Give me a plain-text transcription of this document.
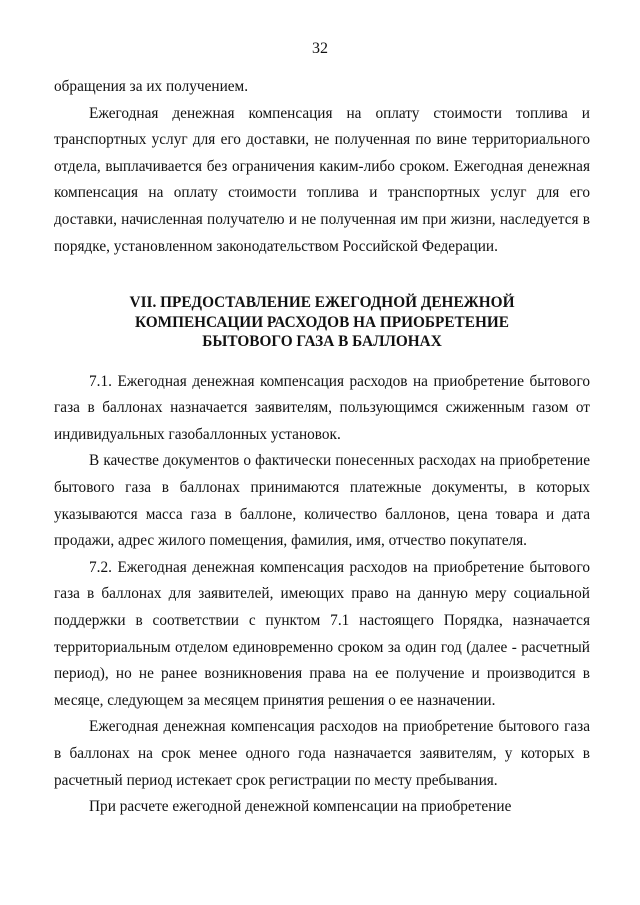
32

обращения за их получением.

Ежегодная денежная компенсация на оплату стоимости топлива и транспортных услуг для его доставки, не полученная по вине территориального отдела, выплачивается без ограничения каким-либо сроком. Ежегодная денежная компенсация на оплату стоимости топлива и транспортных услуг для его доставки, начисленная получателю и не полученная им при жизни, наследуется в порядке, установленном законодательством Российской Федерации.

VII. ПРЕДОСТАВЛЕНИЕ ЕЖЕГОДНОЙ ДЕНЕЖНОЙ
КОМПЕНСАЦИИ РАСХОДОВ НА ПРИОБРЕТЕНИЕ
БЫТОВОГО ГАЗА В БАЛЛОНАХ

7.1. Ежегодная денежная компенсация расходов на приобретение бытового газа в баллонах назначается заявителям, пользующимся сжиженным газом от индивидуальных газобаллонных установок.

В качестве документов о фактически понесенных расходах на приобретение бытового газа в баллонах принимаются платежные документы, в которых указываются масса газа в баллоне, количество баллонов, цена товара и дата продажи, адрес жилого помещения, фамилия, имя, отчество покупателя.

7.2. Ежегодная денежная компенсация расходов на приобретение бытового газа в баллонах для заявителей, имеющих право на данную меру социальной поддержки в соответствии с пунктом 7.1 настоящего Порядка, назначается территориальным отделом единовременно сроком за один год (далее - расчетный период), но не ранее возникновения права на ее получение и производится в месяце, следующем за месяцем принятия решения о ее назначении.

Ежегодная денежная компенсация расходов на приобретение бытового газа в баллонах на срок менее одного года назначается заявителям, у которых в расчетный период истекает срок регистрации по месту пребывания.

При расчете ежегодной денежной компенсации на приобретение
